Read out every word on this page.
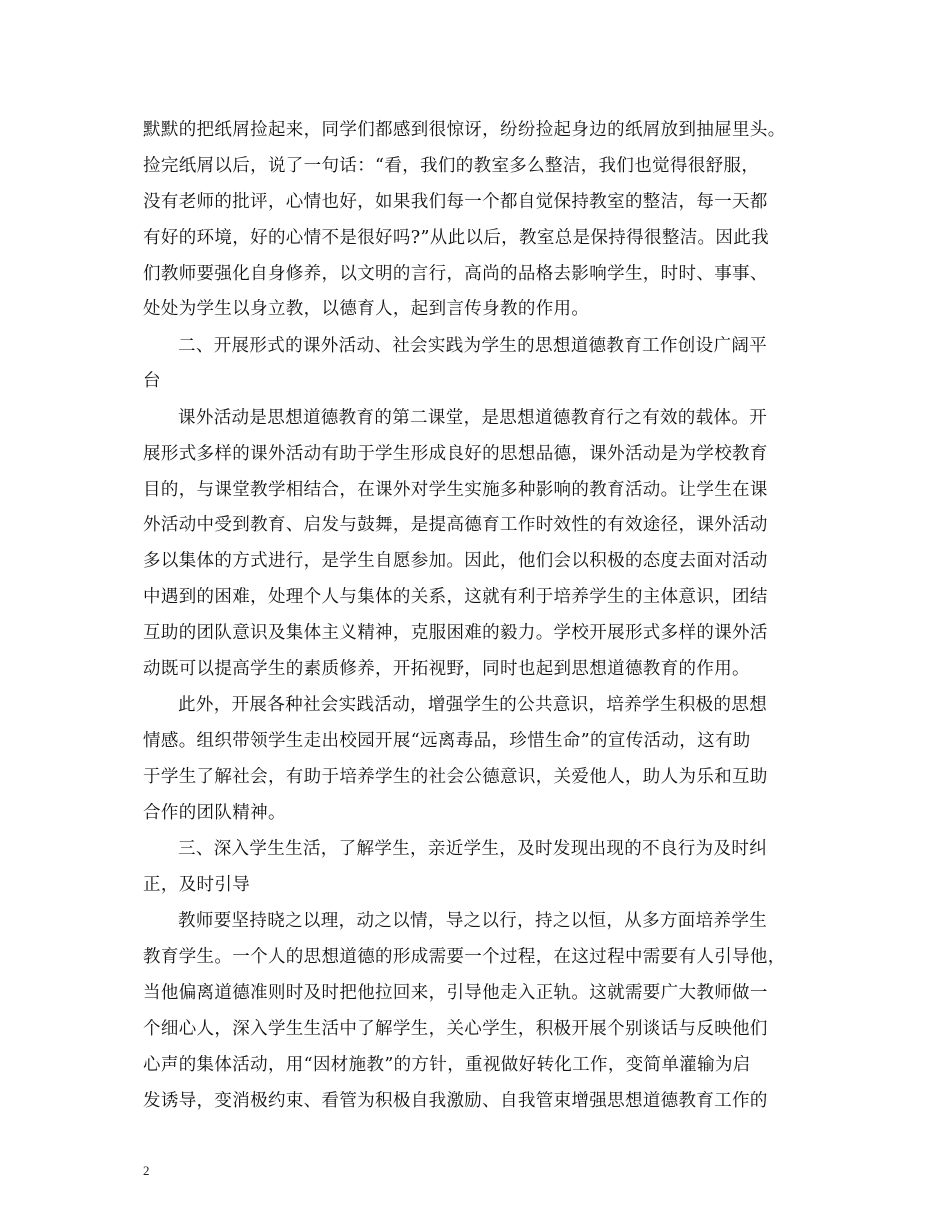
默默的把纸屑捡起来，同学们都感到很惊讶，纷纷捡起身边的纸屑放到抽屉里头。
捡完纸屑以后，说了一句话：“看，我们的教室多么整洁，我们也觉得很舒服，
没有老师的批评，心情也好，如果我们每一个都自觉保持教室的整洁，每一天都
有好的环境，好的心情不是很好吗?”从此以后，教室总是保持得很整洁。因此我
们教师要强化自身修养，以文明的言行，高尚的品格去影响学生，时时、事事、
处处为学生以身立教，以德育人，起到言传身教的作用。
二、开展形式的课外活动、社会实践为学生的思想道德教育工作创设广阔平
台
课外活动是思想道德教育的第二课堂，是思想道德教育行之有效的载体。开
展形式多样的课外活动有助于学生形成良好的思想品德，课外活动是为学校教育
目的，与课堂教学相结合，在课外对学生实施多种影响的教育活动。让学生在课
外活动中受到教育、启发与鼓舞，是提高德育工作时效性的有效途径，课外活动
多以集体的方式进行，是学生自愿参加。因此，他们会以积极的态度去面对活动
中遇到的困难，处理个人与集体的关系，这就有利于培养学生的主体意识，团结
互助的团队意识及集体主义精神，克服困难的毅力。学校开展形式多样的课外活
动既可以提高学生的素质修养，开拓视野，同时也起到思想道德教育的作用。
此外，开展各种社会实践活动，增强学生的公共意识，培养学生积极的思想
情感。组织带领学生走出校园开展“远离毒品，珍惜生命”的宣传活动，这有助
于学生了解社会，有助于培养学生的社会公德意识，关爱他人，助人为乐和互助
合作的团队精神。
三、深入学生生活，了解学生，亲近学生，及时发现出现的不良行为及时纠
正，及时引导
教师要坚持晓之以理，动之以情，导之以行，持之以恒，从多方面培养学生
教育学生。一个人的思想道德的形成需要一个过程，在这过程中需要有人引导他，
当他偏离道德准则时及时把他拉回来，引导他走入正轨。这就需要广大教师做一
个细心人，深入学生生活中了解学生，关心学生，积极开展个别谈话与反映他们
心声的集体活动，用“因材施教”的方针，重视做好转化工作，变简单灌输为启
发诱导，变消极约束、看管为积极自我激励、自我管束增强思想道德教育工作的
2
